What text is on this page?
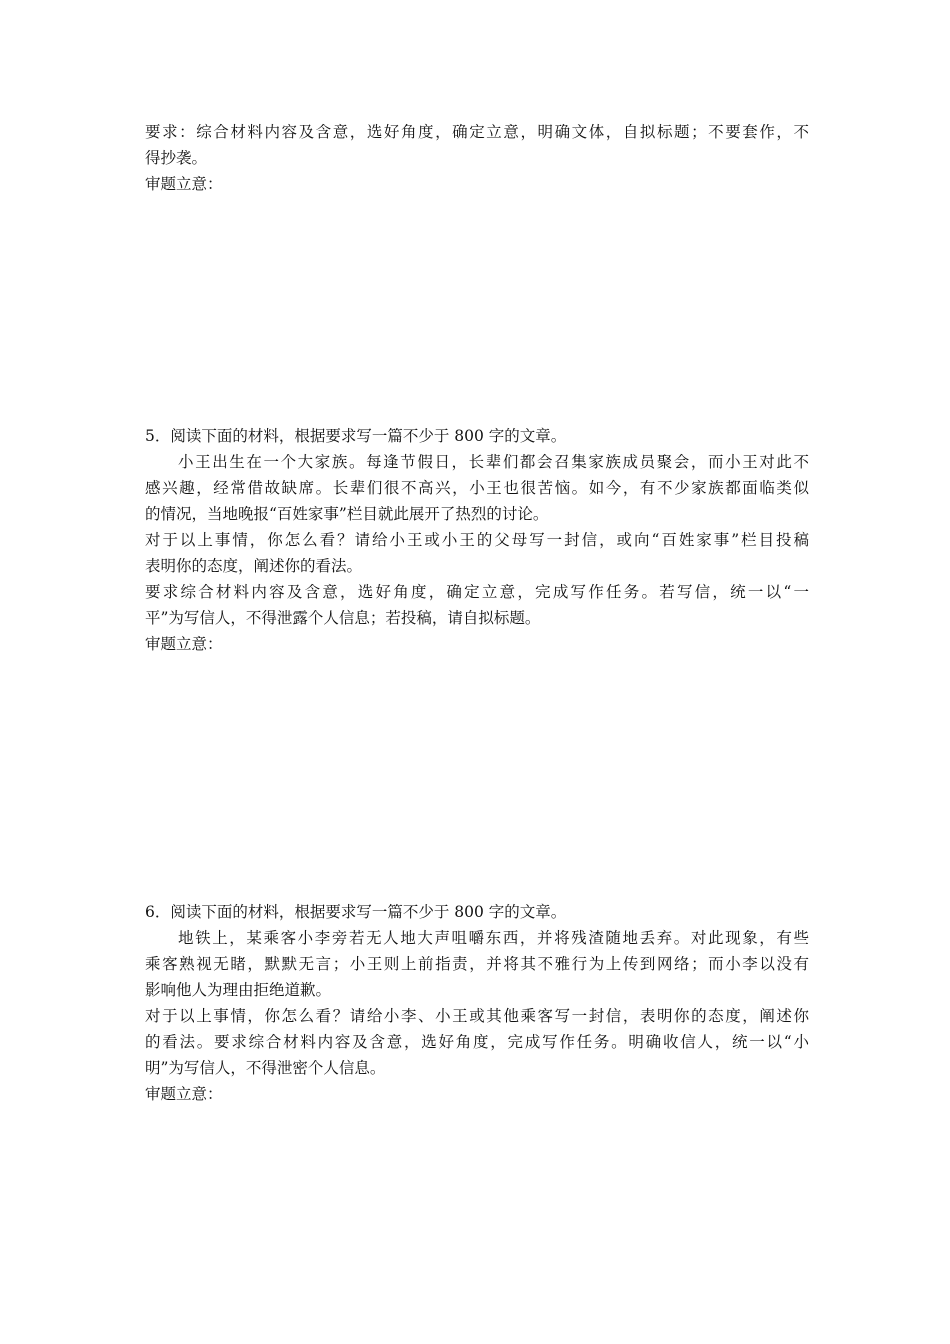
要求：综合材料内容及含意，选好角度，确定立意，明确文体，自拟标题；不要套作，不
得抄袭。
审题立意：
5．阅读下面的材料，根据要求写一篇不少于 800 字的文章。
小王出生在一个大家族。每逢节假日，长辈们都会召集家族成员聚会，而小王对此不
感兴趣，经常借故缺席。长辈们很不高兴，小王也很苦恼。如今，有不少家族都面临类似
的情况，当地晚报“百姓家事”栏目就此展开了热烈的讨论。
对于以上事情，你怎么看？请给小王或小王的父母写一封信，或向“百姓家事”栏目投稿
表明你的态度，阐述你的看法。
要求综合材料内容及含意，选好角度，确定立意，完成写作任务。若写信，统一以“一
平”为写信人，不得泄露个人信息；若投稿，请自拟标题。
审题立意：
6．阅读下面的材料，根据要求写一篇不少于 800 字的文章。
地铁上，某乘客小李旁若无人地大声咀嚼东西，并将残渣随地丢弃。对此现象，有些
乘客熟视无睹，默默无言；小王则上前指责，并将其不雅行为上传到网络；而小李以没有
影响他人为理由拒绝道歉。
对于以上事情，你怎么看？请给小李、小王或其他乘客写一封信，表明你的态度，阐述你
的看法。要求综合材料内容及含意，选好角度，完成写作任务。明确收信人，统一以“小
明”为写信人，不得泄密个人信息。
审题立意：
